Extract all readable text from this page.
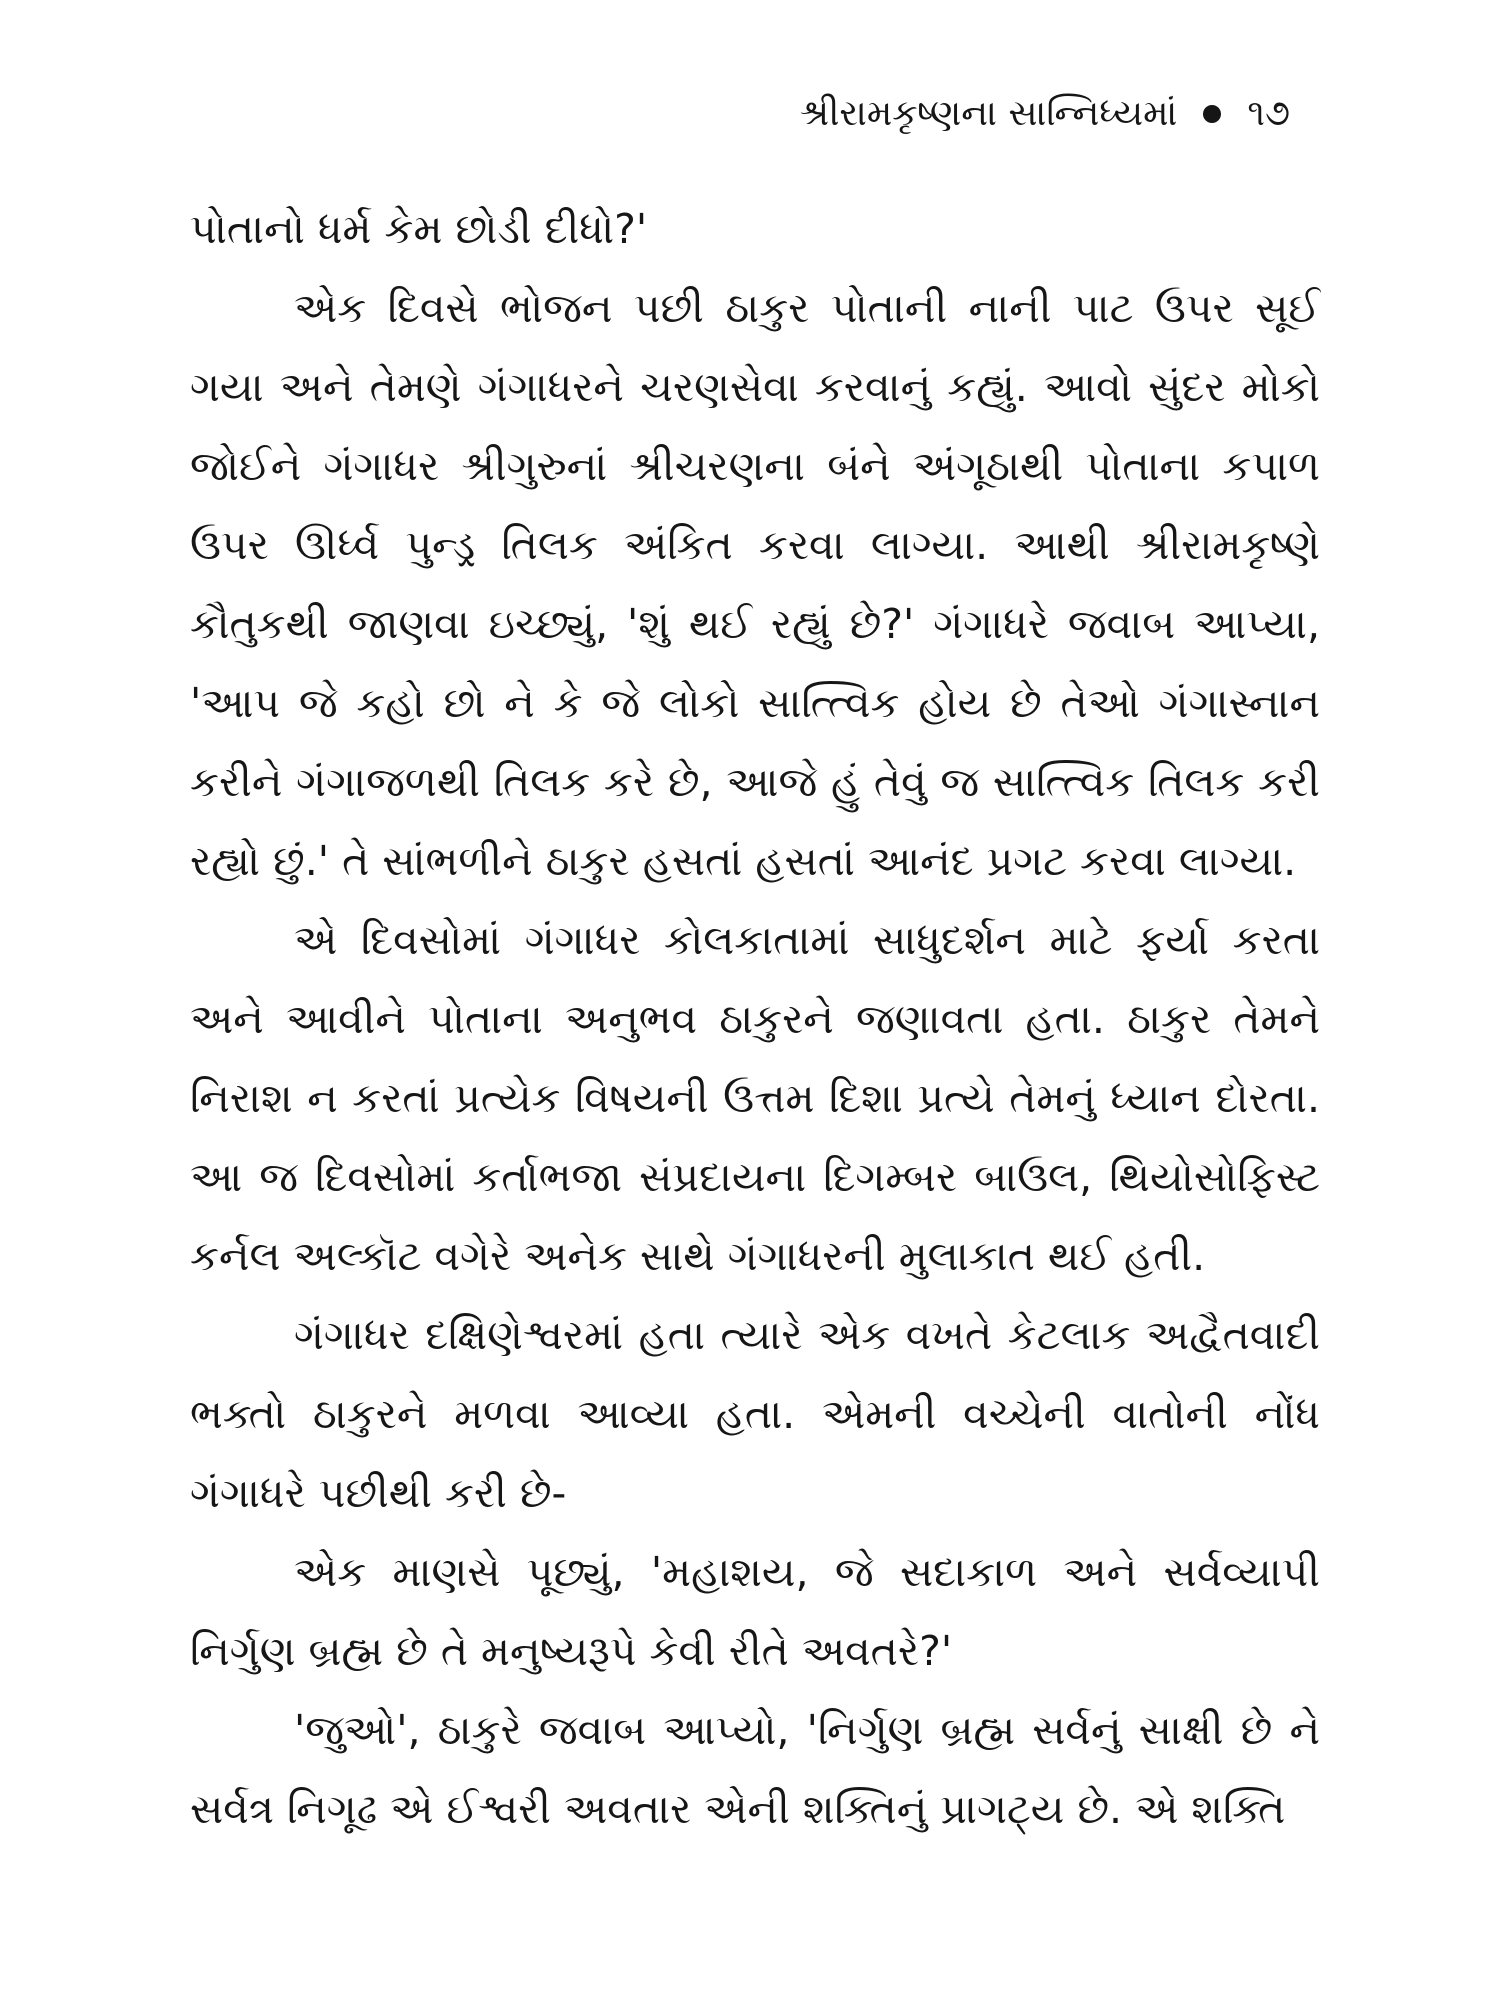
શ્રીરામકૃષ્ણના સાન્નિધ્યમાં ૧૭

પોતાનો ધર્મ કેમ છોડી દીધો?'

એક દિવસે ભોજન પછી ઠાકુર પોતાની નાની પાટ ઉપર સૂઈ ગયા અને તેમણે ગંગાધરને ચરણસેવા કરવાનું કહ્યું. આવો સુંદર મોકો જોઈને ગંગાધર શ્રીગુરુનાં શ્રીચરણના બંને અંગૂઠાથી પોતાના કપાળ ઉપર ઊર્ધ્વ પુન્ડ્ર તિલક અંકિત કરવા લાગ્યા. આથી શ્રીરામકૃષ્ણે કૌતુકથી જાણવા ઇચ્છ્યું, 'શું થઈ રહ્યું છે?' ગંગાધરે જવાબ આપ્યા, 'આપ જે કહો છો ને કે જે લોકો સાત્ત્વિક હોય છે તેઓ ગંગાસ્નાન કરીને ગંગાજળથી તિલક કરે છે, આજે હું તેવું જ સાત્ત્વિક તિલક કરી રહ્યો છું.' તે સાંભળીને ઠાકુર હસતાં હસતાં આનંદ પ્રગટ કરવા લાગ્યા.

એ દિવસોમાં ગંગાધર કોલકાતામાં સાધુદર્શન માટે ફર્યા કરતા અને આવીને પોતાના અનુભવ ઠાકુરને જણાવતા હતા. ઠાકુર તેમને નિરાશ ન કરતાં પ્રત્યેક વિષયની ઉત્તમ દિશા પ્રત્યે તેમનું ધ્યાન દોરતા. આ જ દિવસોમાં કર્તાભજા સંપ્રદાયના દિગમ્બર બાઉલ, થિયોસોફિસ્ટ કર્નલ અલ્કૉટ વગેરે અનેક સાથે ગંગાધરની મુલાકાત થઈ હતી.

ગંગાધર દક્ષિણેશ્વરમાં હતા ત્યારે એક વખતે કેટલાક અદ્વૈતવાદી ભક્તો ઠાકુરને મળવા આવ્યા હતા. એમની વચ્ચેની વાતોની નોંધ ગંગાધરે પછીથી કરી છે-

એક માણસે પૂછ્યું, 'મહાશય, જે સદાકાળ અને સર્વવ્યાપી નિર્ગુણ બ્રહ્મ છે તે મનુષ્યરૂપે કેવી રીતે અવતરે?'

'જુઓ', ઠાકુરે જવાબ આપ્યો, 'નિર્ગુણ બ્રહ્મ સર્વનું સાક્ષી છે ને સર્વત્ર નિગૂઢ એ ઈશ્વરી અવતાર એની શક્તિનું પ્રાગટ્ય છે. એ શક્તિ
